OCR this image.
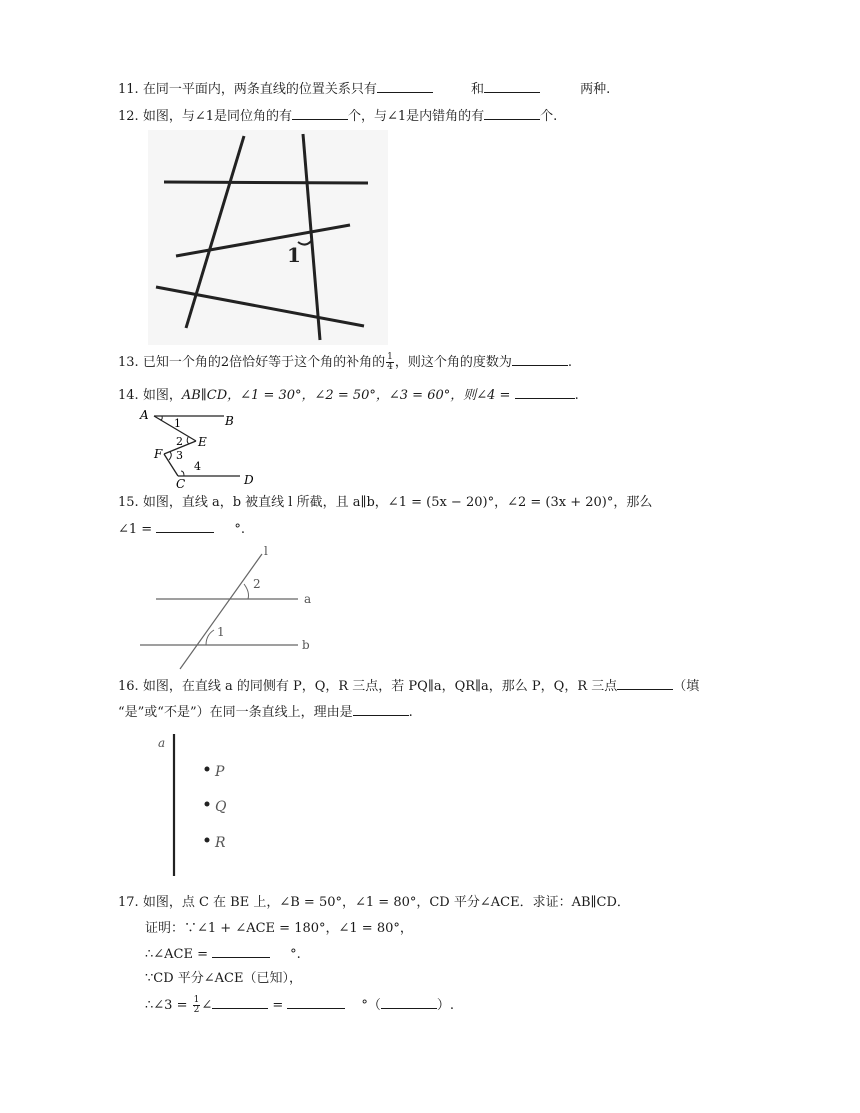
11. 在同一平面内，两条直线的位置关系只有	和	两种.
12. 如图，与∠1是同位角的有	个，与∠1是内错角的有	个.
1
13. 已知一个角的2倍恰好等于这个角的补角的 $\frac{1}{4}$ ，则这个角的度数为	.
14. 如图，AB∥CD，∠1 = 30°，∠2 = 50°，∠3 = 60°，则∠4 =	.
A	B
C	D
E
F
1
2
3
4
15. 如图，直线 a，b 被直线 l 所截，且 a∥b，∠1 = (5x − 20)°，∠2 = (3x + 20)°，那么
∠1 =	°.
l
a
b
2
1
16. 如图，在直线 a 的同侧有 P，Q，R 三点，若 PQ∥a，QR∥a，那么 P，Q，R 三点	（填
“是”或“不是”）在同一条直线上，理由是	.
a
P
Q
R
17. 如图，点 C 在 BE 上，∠B = 50°，∠1 = 80°，CD 平分∠ACE．求证：AB∥CD．
证明：∵∠1 + ∠ACE = 180°，∠1 = 80°，
∴∠ACE =	°.
∵CD 平分∠ACE（已知），
∴∠3 = $\frac{1}{2}$ ∠	=	°（	）.
